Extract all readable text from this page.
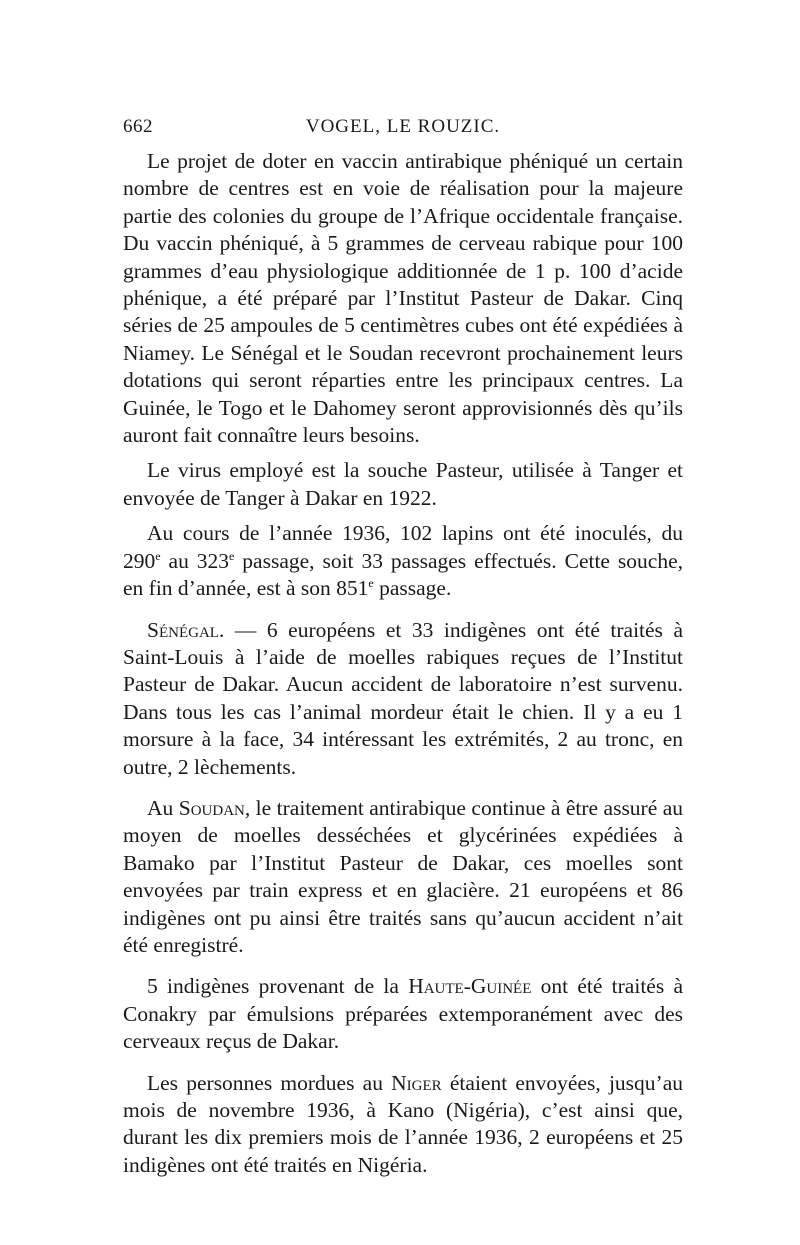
662	VOGEL, LE ROUZIC.

Le projet de doter en vaccin antirabique phéniqué un certain nombre de centres est en voie de réalisation pour la majeure partie des colonies du groupe de l’Afrique occidentale française. Du vaccin phéniqué, à 5 grammes de cerveau rabique pour 100 grammes d’eau physiologique additionnée de 1 p. 100 d’acide phénique, a été préparé par l’Institut Pasteur de Dakar. Cinq séries de 25 ampoules de 5 centimètres cubes ont été expédiées à Niamey. Le Sénégal et le Soudan recevront prochainement leurs dotations qui seront réparties entre les principaux centres. La Guinée, le Togo et le Dahomey seront approvisionnés dès qu’ils auront fait connaître leurs besoins.

Le virus employé est la souche Pasteur, utilisée à Tanger et envoyée de Tanger à Dakar en 1922.

Au cours de l’année 1936, 102 lapins ont été inoculés, du 290e au 323e passage, soit 33 passages effectués. Cette souche, en fin d’année, est à son 851e passage.

Sénégal. — 6 européens et 33 indigènes ont été traités à Saint-Louis à l’aide de moelles rabiques reçues de l’Institut Pasteur de Dakar. Aucun accident de laboratoire n’est survenu. Dans tous les cas l’animal mordeur était le chien. Il y a eu 1 morsure à la face, 34 intéressant les extrémités, 2 au tronc, en outre, 2 lèchements.

Au Soudan, le traitement antirabique continue à être assuré au moyen de moelles desséchées et glycérinées expédiées à Bamako par l’Institut Pasteur de Dakar, ces moelles sont envoyées par train express et en glacière. 21 européens et 86 indigènes ont pu ainsi être traités sans qu’aucun accident n’ait été enregistré.

5 indigènes provenant de la Haute-Guinée ont été traités à Conakry par émulsions préparées extemporanément avec des cerveaux reçus de Dakar.

Les personnes mordues au Niger étaient envoyées, jusqu’au mois de novembre 1936, à Kano (Nigéria), c’est ainsi que, durant les dix premiers mois de l’année 1936, 2 européens et 25 indigènes ont été traités en Nigéria.
